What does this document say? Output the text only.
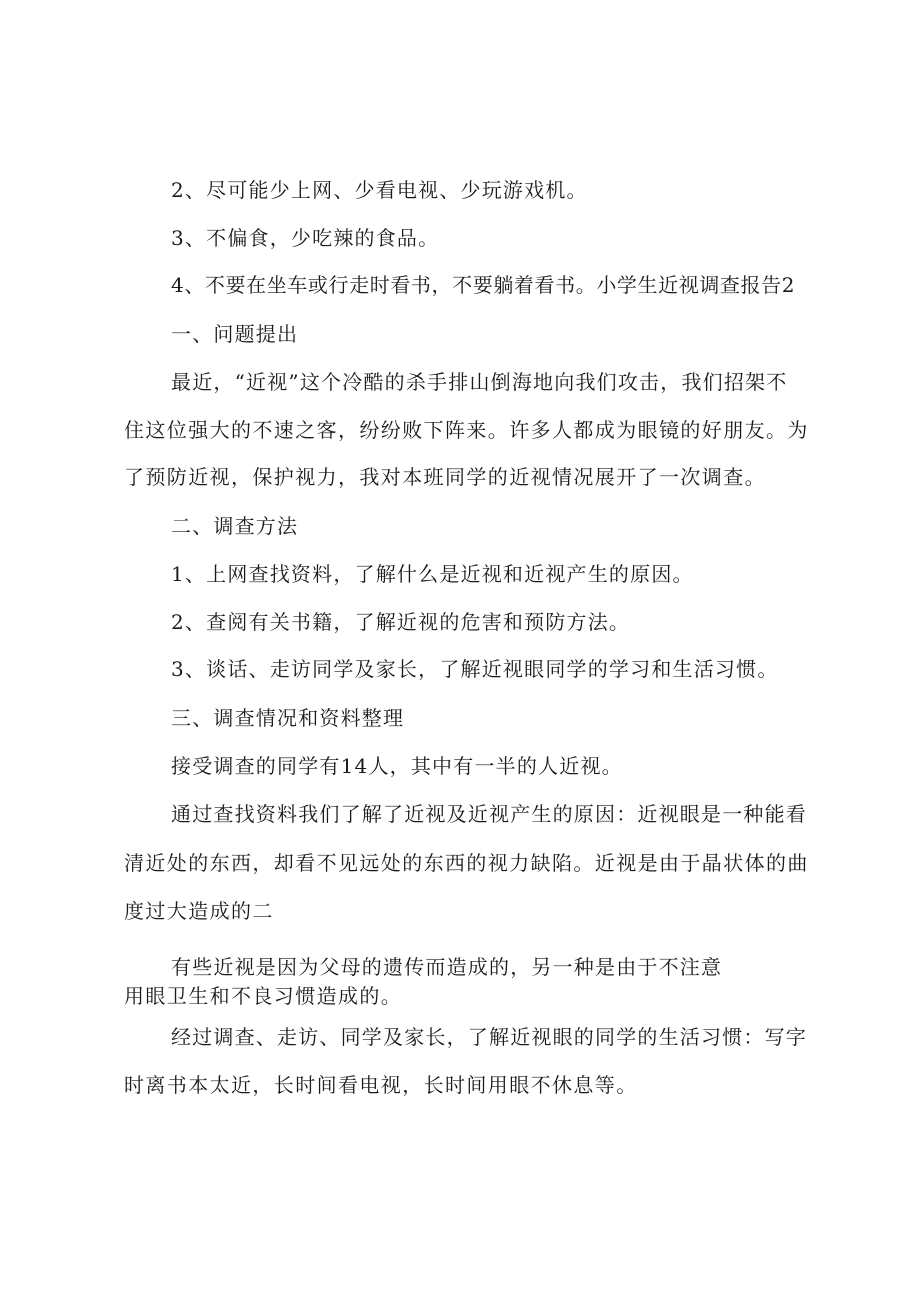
2、尽可能少上网、少看电视、少玩游戏机。
3、不偏食，少吃辣的食品。
4、不要在坐车或行走时看书，不要躺着看书。小学生近视调查报告2
一、问题提出
最近，“近视”这个冷酷的杀手排山倒海地向我们攻击，我们招架不
住这位强大的不速之客，纷纷败下阵来。许多人都成为眼镜的好朋友。为
了预防近视，保护视力，我对本班同学的近视情况展开了一次调查。
二、调查方法
1、上网查找资料，了解什么是近视和近视产生的原因。
2、查阅有关书籍，了解近视的危害和预防方法。
3、谈话、走访同学及家长，了解近视眼同学的学习和生活习惯。
三、调查情况和资料整理
接受调查的同学有14人，其中有一半的人近视。
通过查找资料我们了解了近视及近视产生的原因：近视眼是一种能看
清近处的东西，却看不见远处的东西的视力缺陷。近视是由于晶状体的曲
度过大造成的二
有些近视是因为父母的遗传而造成的，另一种是由于不注意
用眼卫生和不良习惯造成的。
经过调查、走访、同学及家长，了解近视眼的同学的生活习惯：写字
时离书本太近，长时间看电视，长时间用眼不休息等。
